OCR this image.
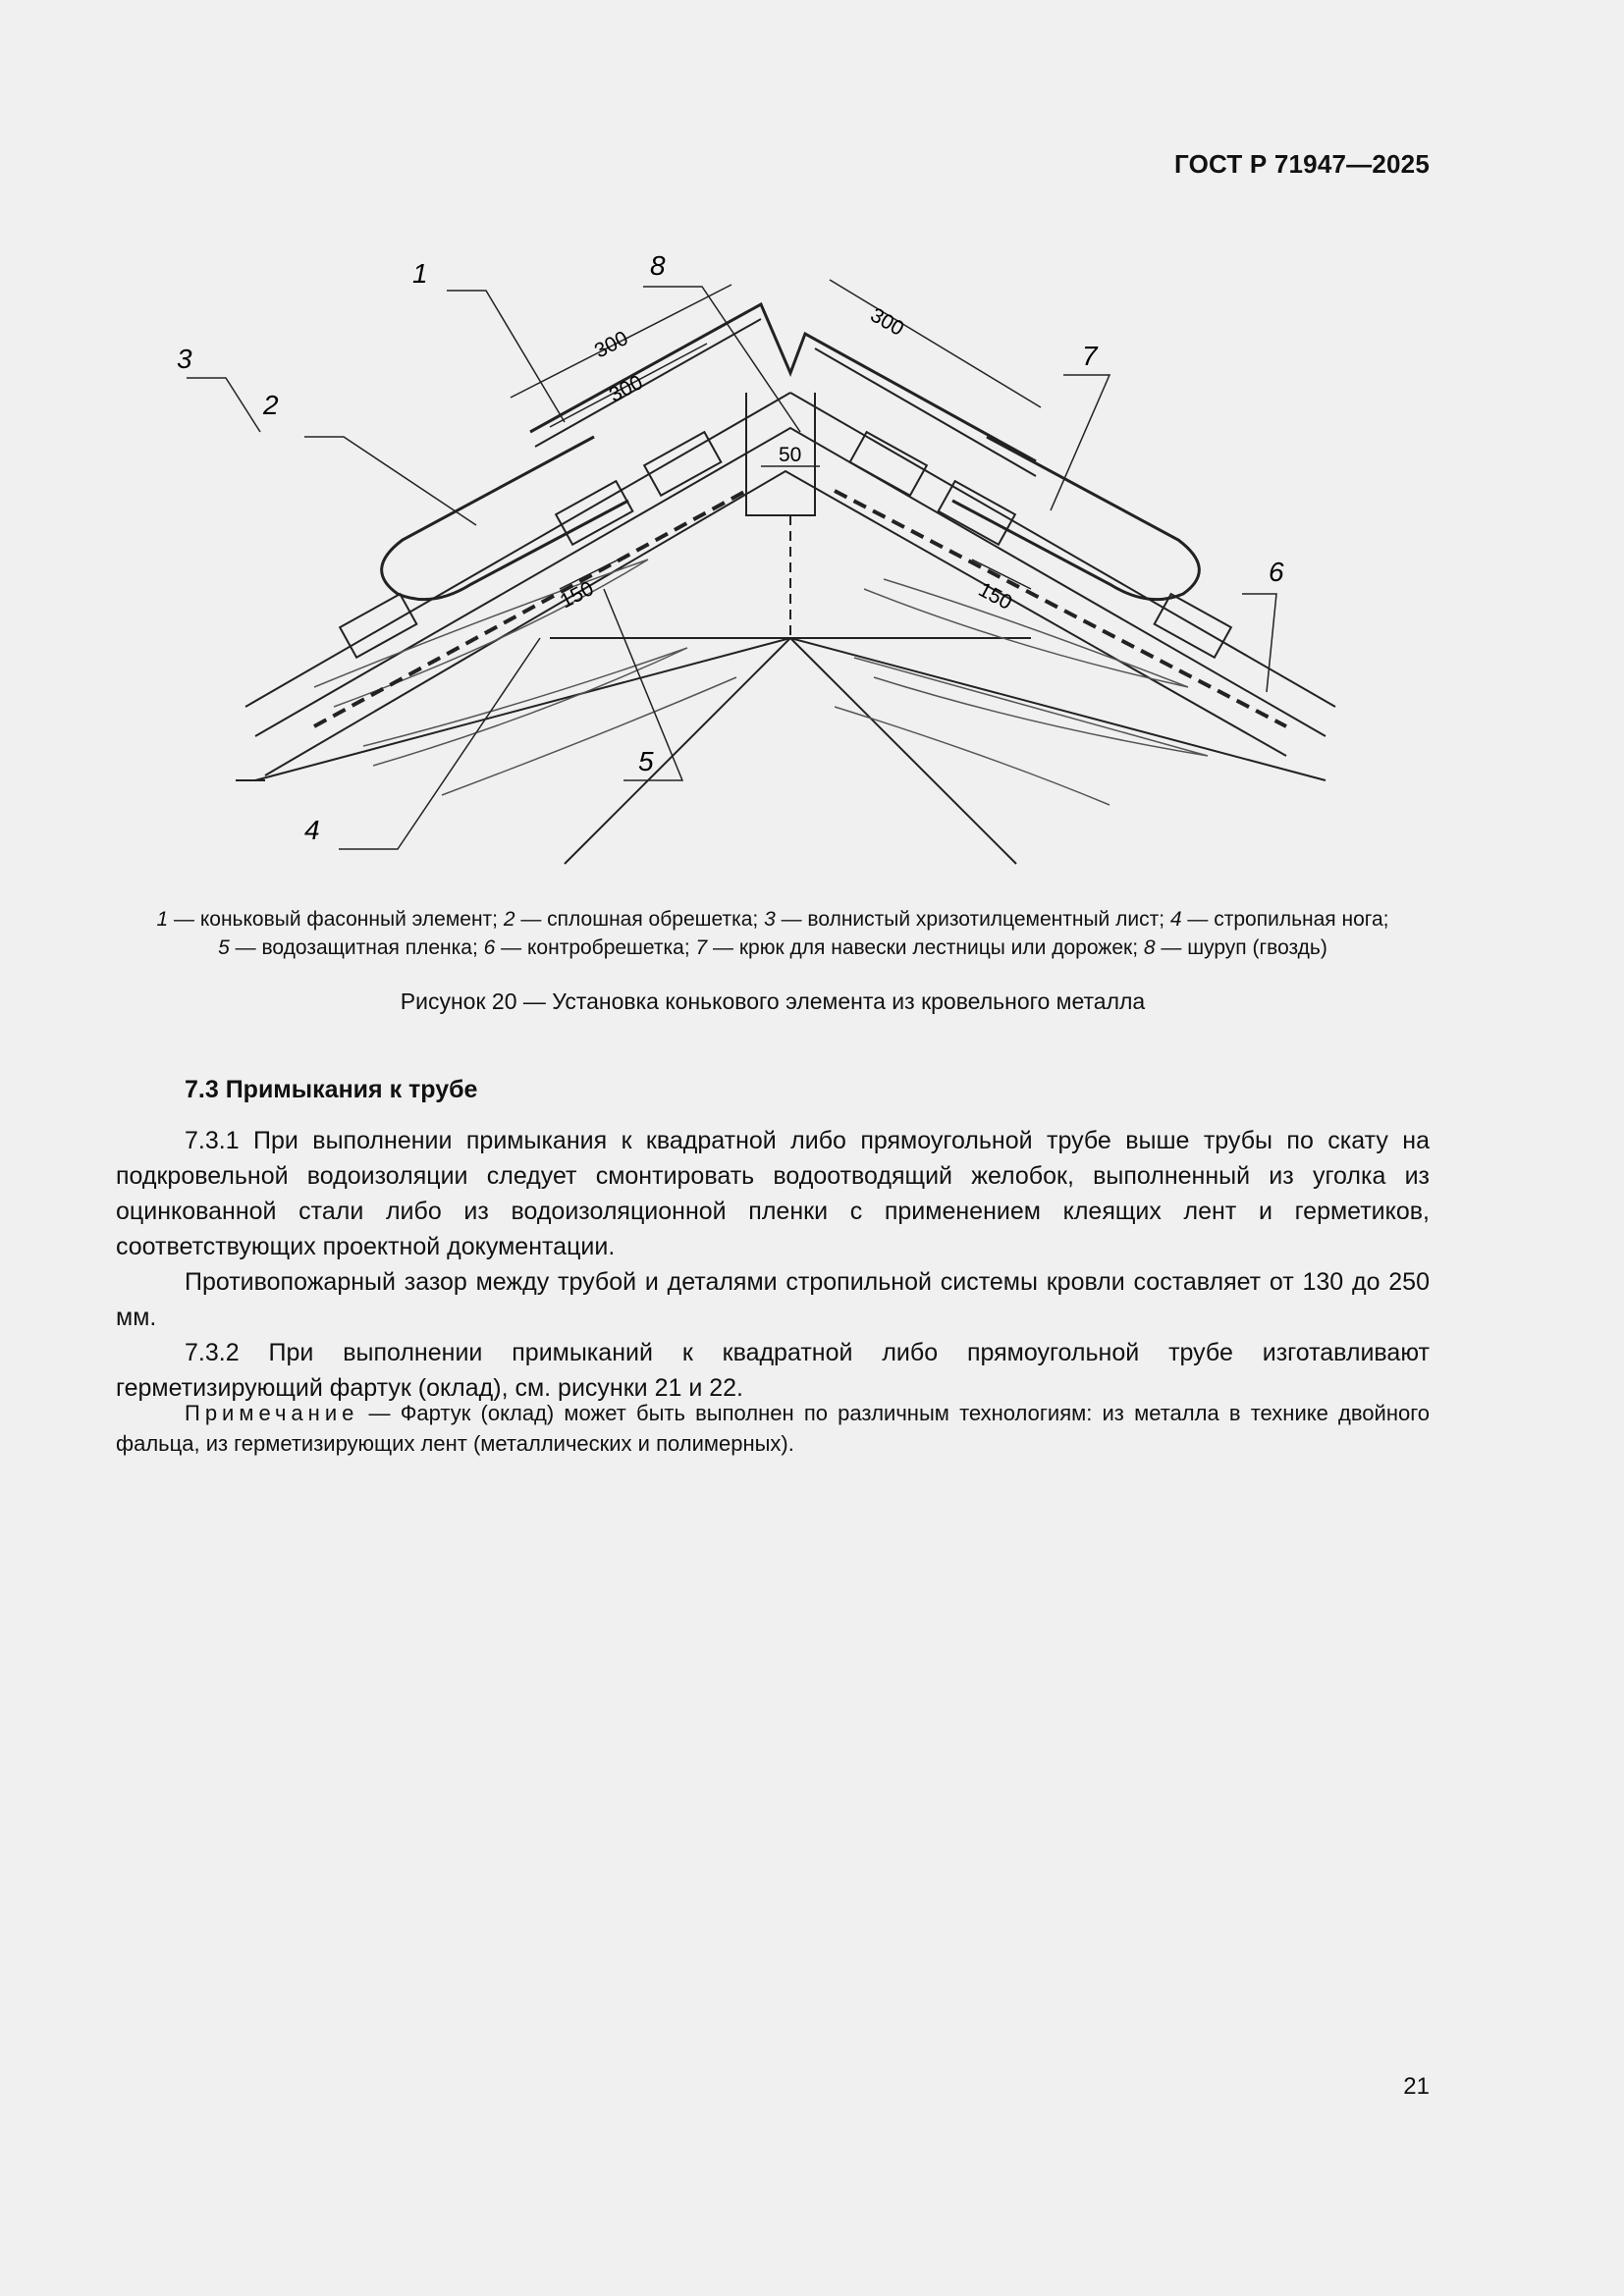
ГОСТ Р 71947—2025
1
2
3
4
5
6
7
8
300
300
300
50
150	150
1 — коньковый фасонный элемент; 2 — сплошная обрешетка; 3 — волнистый хризотилцементный лист; 4 — стропильная нога;
5 — водозащитная пленка; 6 — контробрешетка; 7 — крюк для навески лестницы или дорожек; 8 — шуруп (гвоздь)
Рисунок 20 — Установка конькового элемента из кровельного металла
7.3 Примыкания к трубе

7.3.1 При выполнении примыкания к квадратной либо прямоугольной трубе выше трубы по скату на подкровельной водоизоляции следует смонтировать водоотводящий желобок, выполненный из уголка из оцинкованной стали либо из водоизоляционной пленки с применением клеящих лент и герметиков, соответствующих проектной документации.

Противопожарный зазор между трубой и деталями стропильной системы кровли составляет от 130 до 250 мм.

7.3.2 При выполнении примыканий к квадратной либо прямоугольной трубе изготавливают герметизирующий фартук (оклад), см. рисунки 21 и 22.

Примечание — Фартук (оклад) может быть выполнен по различным технологиям: из металла в технике двойного фальца, из герметизирующих лент (металлических и полимерных).

21
